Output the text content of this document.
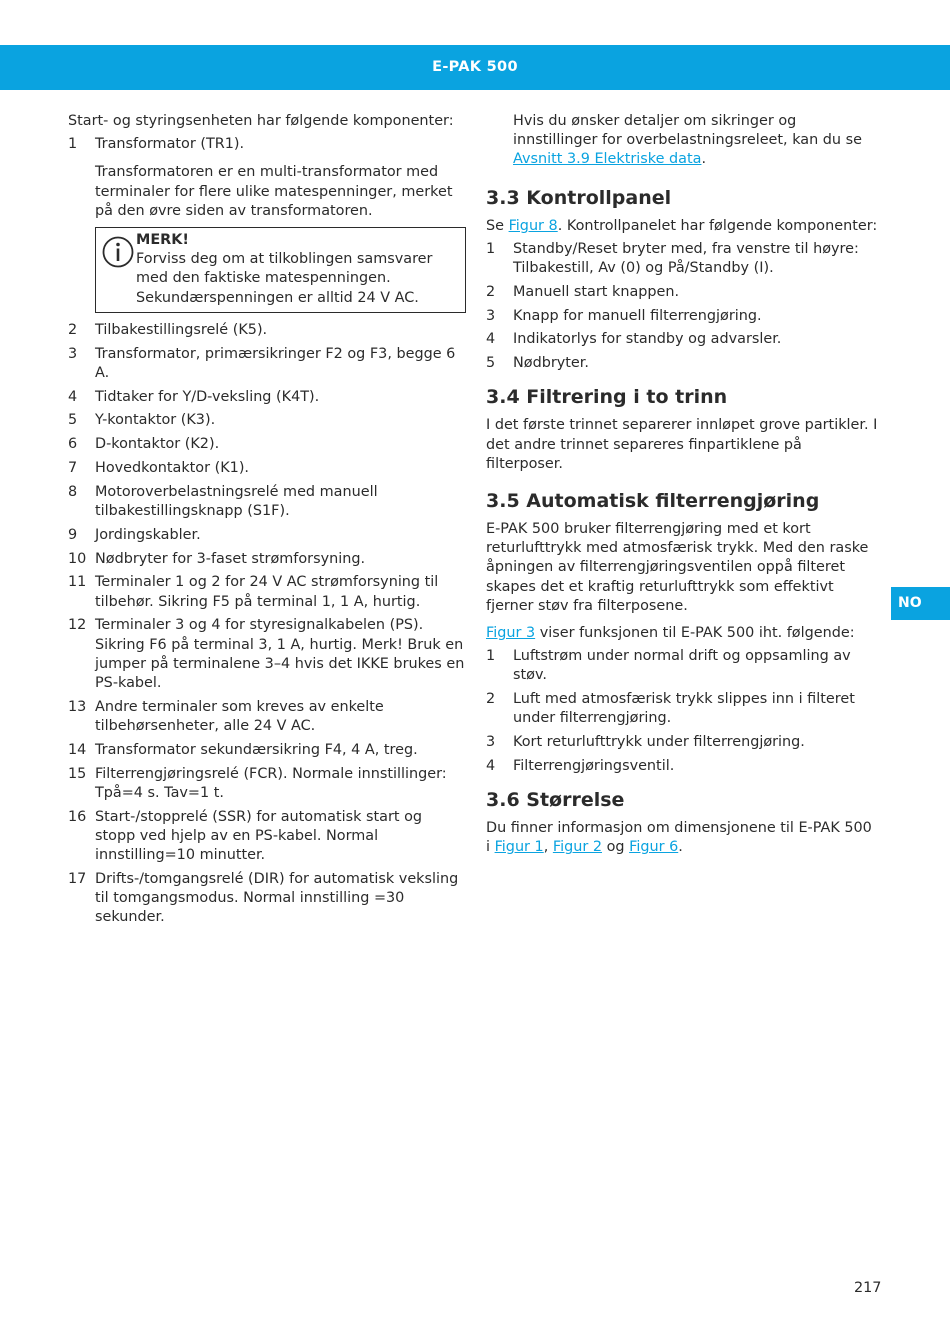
E-PAK 500

Start- og styringsenheten har følgende komponenter:

1	Transformator (TR1).

Transformatoren er en multi-transformator med terminaler for flere ulike matespenninger, merket på den øvre siden av transformatoren.

MERK!
Forviss deg om at tilkoblingen samsvarer med den faktiske matespenningen. Sekundærspenningen er alltid 24 V AC.
2	Tilbakestillingsrelé (K5).
3	Transformator, primærsikringer F2 og F3, begge 6 A.
4	Tidtaker for Y/D-veksling (K4T).
5	Y-kontaktor (K3).
6	D-kontaktor (K2).
7	Hovedkontaktor (K1).
8	Motoroverbelastningsrelé med manuell tilbakestillingsknapp (S1F).
9	Jordingskabler.
10 Nødbryter for 3-faset strømforsyning.
11 Terminaler 1 og 2 for 24 V AC strømforsyning til tilbehør. Sikring F5 på terminal 1, 1 A, hurtig.
12 Terminaler 3 og 4 for styresignalkabelen (PS). Sikring F6 på terminal 3, 1 A, hurtig. Merk! Bruk en jumper på terminalene 3–4 hvis det IKKE brukes en PS-kabel.
13 Andre terminaler som kreves av enkelte tilbehørsenheter, alle 24 V AC.
14 Transformator sekundærsikring F4, 4 A, treg.
15 Filterrengjøringsrelé (FCR). Normale innstillinger: Tpå=4 s. Tav=1 t.
16 Start-/stopprelé (SSR) for automatisk start og stopp ved hjelp av en PS-kabel. Normal innstilling=10 minutter.
17 Drifts-/tomgangsrelé (DIR) for automatisk veksling til tomgangsmodus. Normal innstilling =30 sekunder.

Hvis du ønsker detaljer om sikringer og innstillinger for overbelastningsreleet, kan du se Avsnitt 3.9 Elektriske data.

3.3 Kontrollpanel

Se Figur 8. Kontrollpanelet har følgende komponenter:

1	Standby/Reset bryter med, fra venstre til høyre: Tilbakestill, Av (0) og På/Standby (I).
2	Manuell start knappen.
3	Knapp for manuell filterrengjøring.
4	Indikatorlys for standby og advarsler.
5	Nødbryter.
3.4 Filtrering i to trinn

I det første trinnet separerer innløpet grove partikler. I det andre trinnet separeres finpartiklene på filterposer.

3.5 Automatisk filterrengjøring

E-PAK 500 bruker filterrengjøring med et kort returlufttrykk med atmosfærisk trykk. Med den raske åpningen av filterrengjøringsventilen oppå filteret skapes det et kraftig returlufttrykk som effektivt fjerner støv fra filterposene.

Figur 3 viser funksjonen til E-PAK 500 iht. følgende:

1	Luftstrøm under normal drift og oppsamling av støv.
2	Luft med atmosfærisk trykk slippes inn i filteret under filterrengjøring.
3	Kort returlufttrykk under filterrengjøring.
4	Filterrengjøringsventil.
3.6 Størrelse

Du finner informasjon om dimensjonene til E-PAK 500 i Figur 1, Figur 2 og Figur 6.

NO
217
